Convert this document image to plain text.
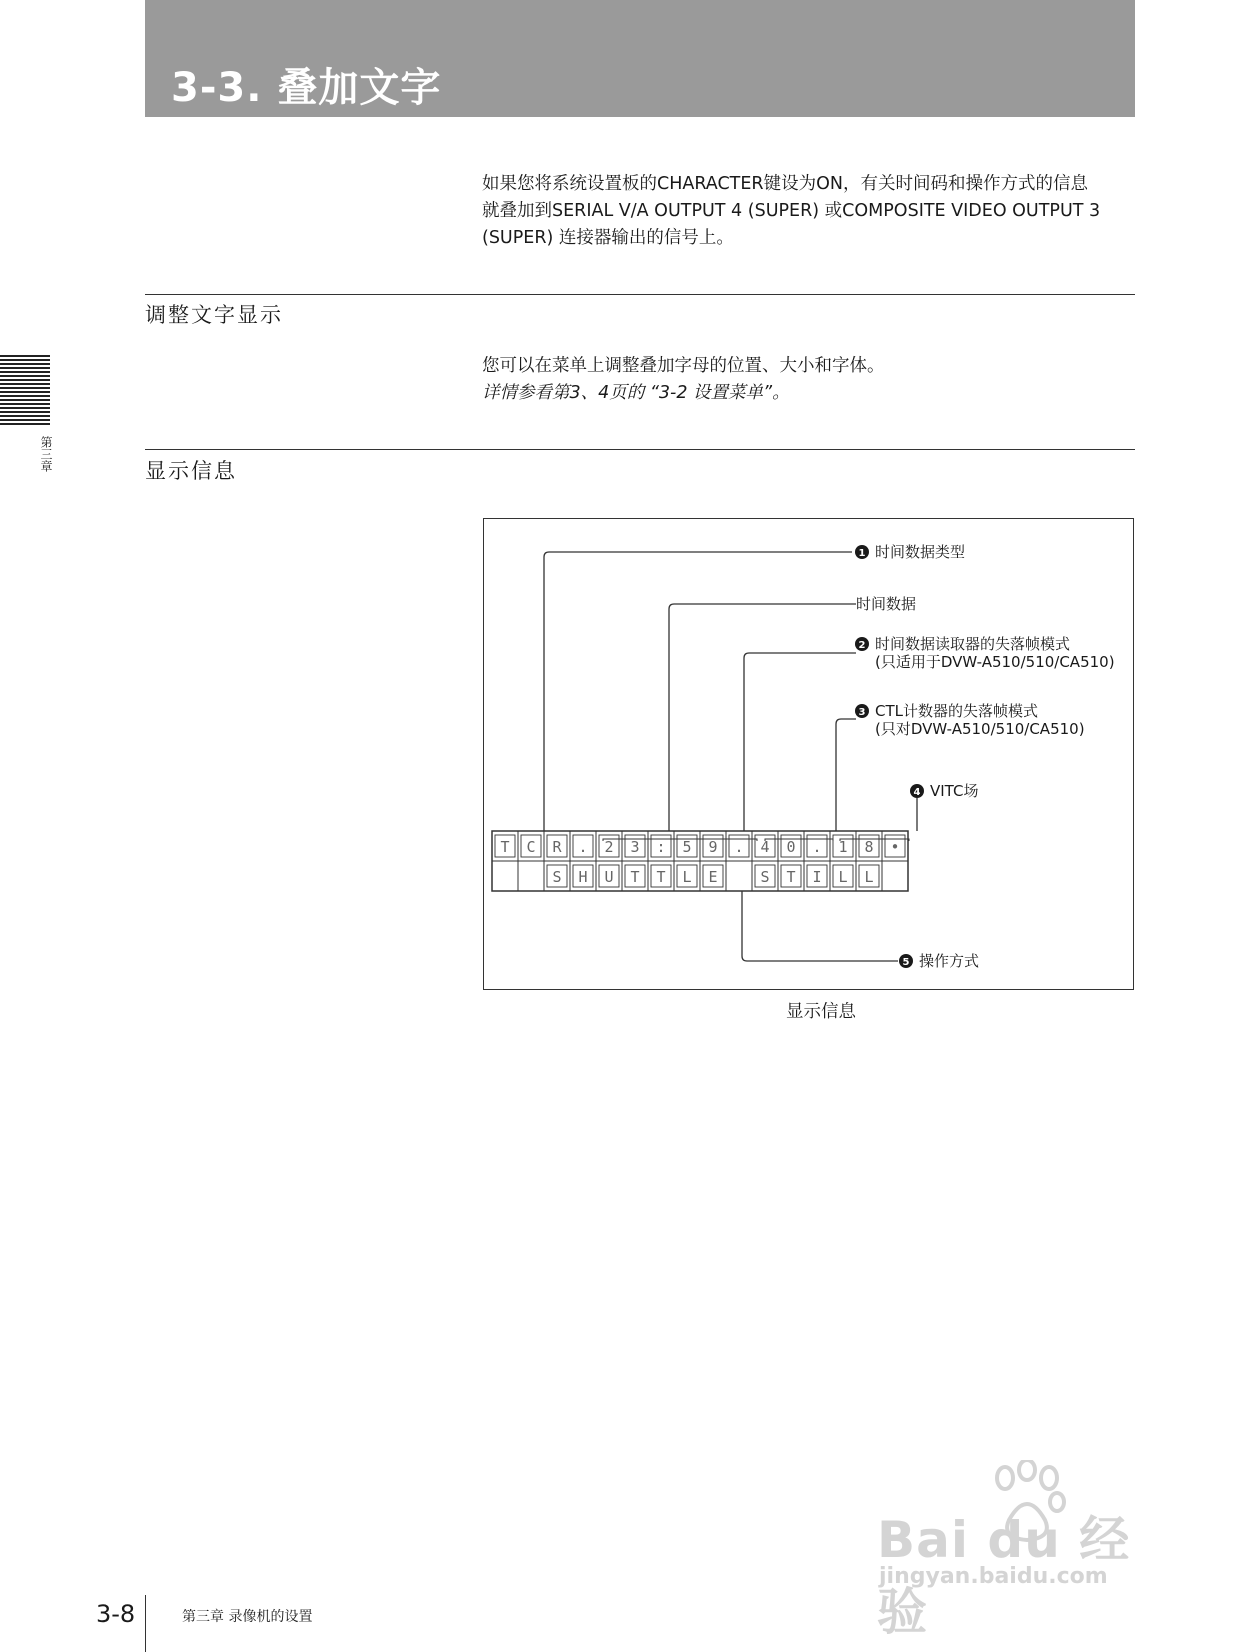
3-3. 叠加文字

如果您将系统设置板的CHARACTER键设为ON，有关时间码和操作方式的信息

就叠加到SERIAL V/A OUTPUT 4 (SUPER) 或COMPOSITE VIDEO OUTPUT 3

(SUPER) 连接器输出的信号上。

调整文字显示

您可以在菜单上调整叠加字母的位置、大小和字体。

详情参看第3、4页的 “3-2 设置菜单”。

第三章	显示信息
T C R . 2 3 : 5 9 . 4 0 . 1 8 •
S H U T T L E	S T I L L
1 时间数据类型
时间数据
2 时间数据读取器的失落帧模式
(只适用于DVW-A510/510/CA510)
3 CTL计数器的失落帧模式
(只对DVW-A510/510/CA510)
4 VITC场
5 操作方式
显示信息
3-8	第三章 录像机的设置
Bai du 经验
jingyan.baidu.com
